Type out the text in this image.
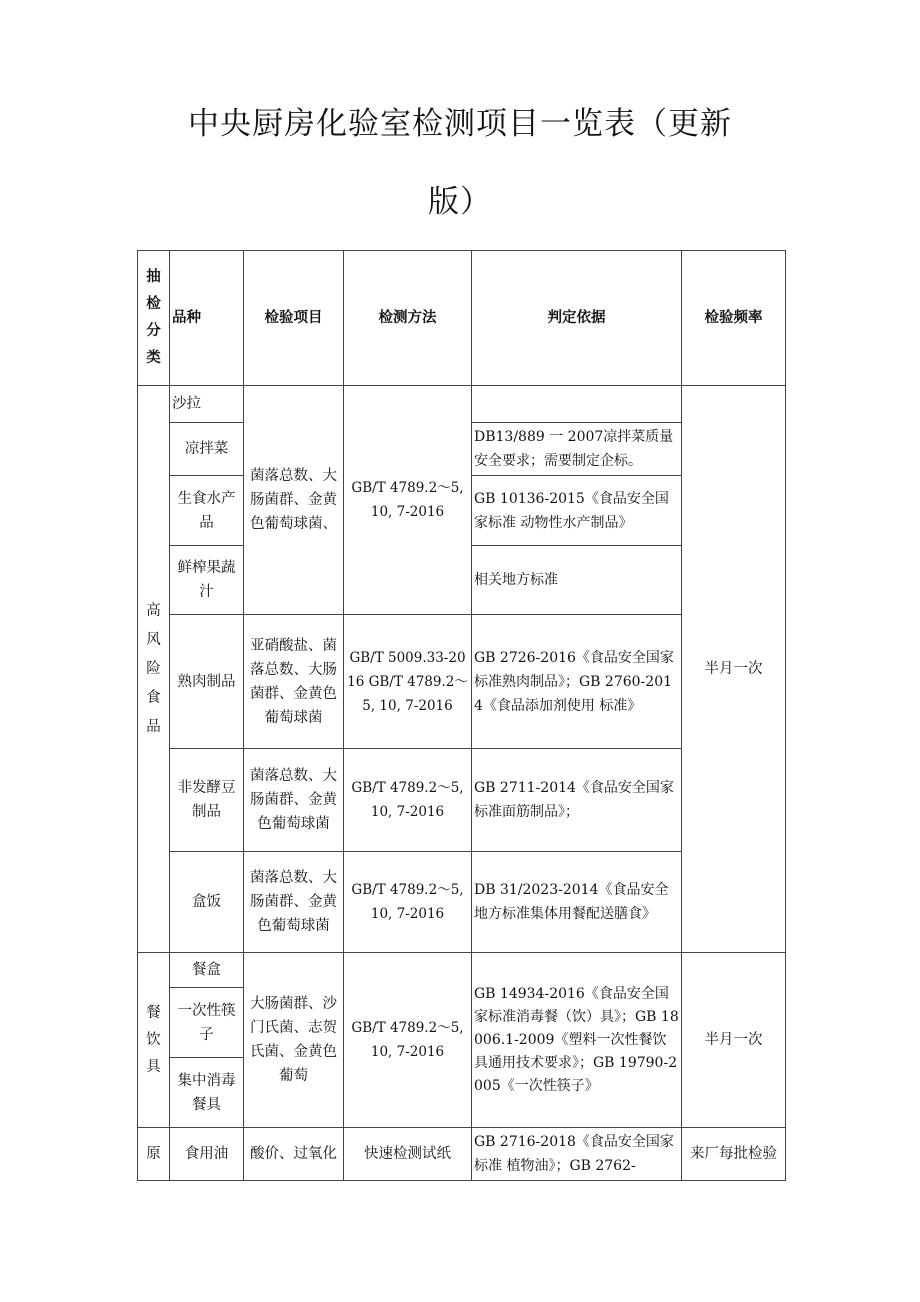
中央厨房化验室检测项目一览表（更新
版）
抽检分类	品种	检验项目	检测方法	判定依据	检验频率

高风险食品	沙拉	菌落总数、大肠菌群、金黄色葡萄球菌、	GB/T 4789.2～5, 10, 7-2016		半月一次
	凉拌菜			DB13/889 一 2007凉拌菜质量安全要求；需要制定企标。	
	生食水产品			GB 10136-2015《食品安全国家标准 动物性水产制品》	
	鲜榨果蔬汁			相关地方标准	
	熟肉制品	亚硝酸盐、菌落总数、大肠菌群、金黄色葡萄球菌	GB/T 5009.33-2016 GB/T 4789.2～5, 10, 7-2016	GB 2726-2016《食品安全国家标准熟肉制品》；GB 2760-2014《食品添加剂使用 标准》	
	非发酵豆制品	菌落总数、大肠菌群、金黄色葡萄球菌	GB/T 4789.2～5, 10, 7-2016	GB 2711-2014《食品安全国家标准面筋制品》；	
	盒饭	菌落总数、大肠菌群、金黄色葡萄球菌	GB/T 4789.2～5, 10, 7-2016	DB 31/2023-2014《食品安全地方标准集体用餐配送膳食》	

餐饮具	餐盒	大肠菌群、沙 门氏菌、志贺 氏菌、金黄色 葡萄	GB/T 4789.2～5, 10, 7-2016	GB 14934-2016《食品安全国家标准消毒餐（饮）具》；GB 18006.1-2009《塑料一次性餐饮具通用技术要求》；GB 19790-2005《一次性筷子》	半月一次
	一次性筷子				
	集中消毒餐具				
原	食用油	酸价、过氧化	快速检测试纸	GB 2716-2018《食品安全国家标准 植物油》；GB 2762-	来厂每批检验
